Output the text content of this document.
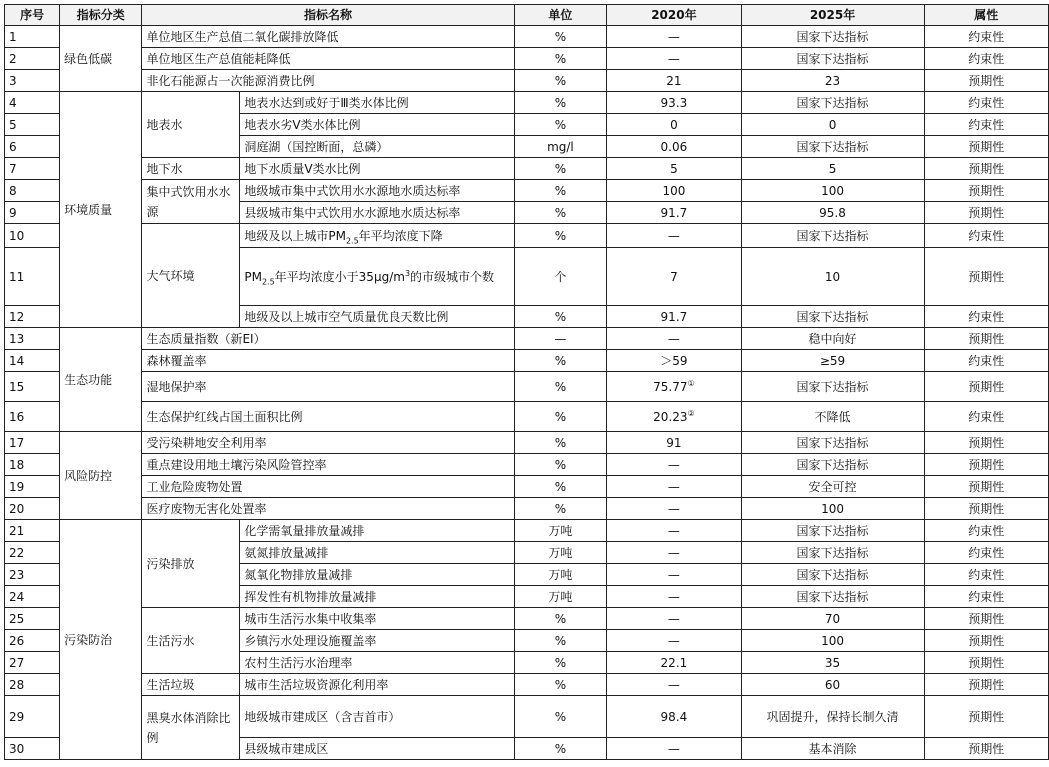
序号	指标分类	指标名称		单位	2020年	2025年	属性
1	绿色低碳	单位地区生产总值二氧化碳排放降低		%	—	国家下达指标	约束性
2		单位地区生产总值能耗降低		%	—	国家下达指标	约束性
3		非化石能源占一次能源消费比例		%	21	23	预期性
4	环境质量	地表水	地表水达到或好于Ⅲ类水体比例	%	93.3	国家下达指标	约束性
5			地表水劣Ⅴ类水体比例	%	0	0	约束性
6			洞庭湖（国控断面，总磷）	mg/l	0.06	国家下达指标	预期性
7		地下水	地下水质量Ⅴ类水比例	%	5	5	预期性
8		集中式饮用水水源	地级城市集中式饮用水水源地水质达标率	%	100	100	预期性
9			县级城市集中式饮用水水源地水质达标率	%	91.7	95.8	预期性
10		大气环境	地级及以上城市$PM_{2.5}$年平均浓度下降	%	—	国家下达指标	约束性
11			$PM_{2.5}$年平均浓度小于$35\mu g/m^3$的市级城市个数	个	7	10	预期性
12			地级及以上城市空气质量优良天数比例	%	91.7	国家下达指标	约束性
13	生态功能	生态质量指数（新EI）		—	—	稳中向好	预期性
14		森林覆盖率		%	＞59	≥59	约束性
15		湿地保护率		%	75.77①	国家下达指标	预期性
16		生态保护红线占国土面积比例		%	20.23②	不降低	约束性
17	风险防控	受污染耕地安全利用率		%	91	国家下达指标	预期性
18		重点建设用地土壤污染风险管控率		%	—	国家下达指标	预期性
19		工业危险废物处置		%	—	安全可控	预期性
20		医疗废物无害化处置率		%	—	100	预期性
21	污染防治	污染排放	化学需氧量排放量减排	万吨	—	国家下达指标	约束性
22			氨氮排放量减排	万吨	—	国家下达指标	约束性
23			氮氧化物排放量减排	万吨	—	国家下达指标	约束性
24			挥发性有机物排放量减排	万吨	—	国家下达指标	约束性
25		生活污水	城市生活污水集中收集率	%	—	70	预期性
26			乡镇污水处理设施覆盖率	%	—	100	预期性
27			农村生活污水治理率	%	22.1	35	预期性
28		生活垃圾	城市生活垃圾资源化利用率	%	—	60	预期性
29		黑臭水体消除比例	地级城市建成区（含吉首市）	%	98.4	巩固提升，保持长制久清	预期性
30			县级城市建成区	%	—	基本消除	预期性
